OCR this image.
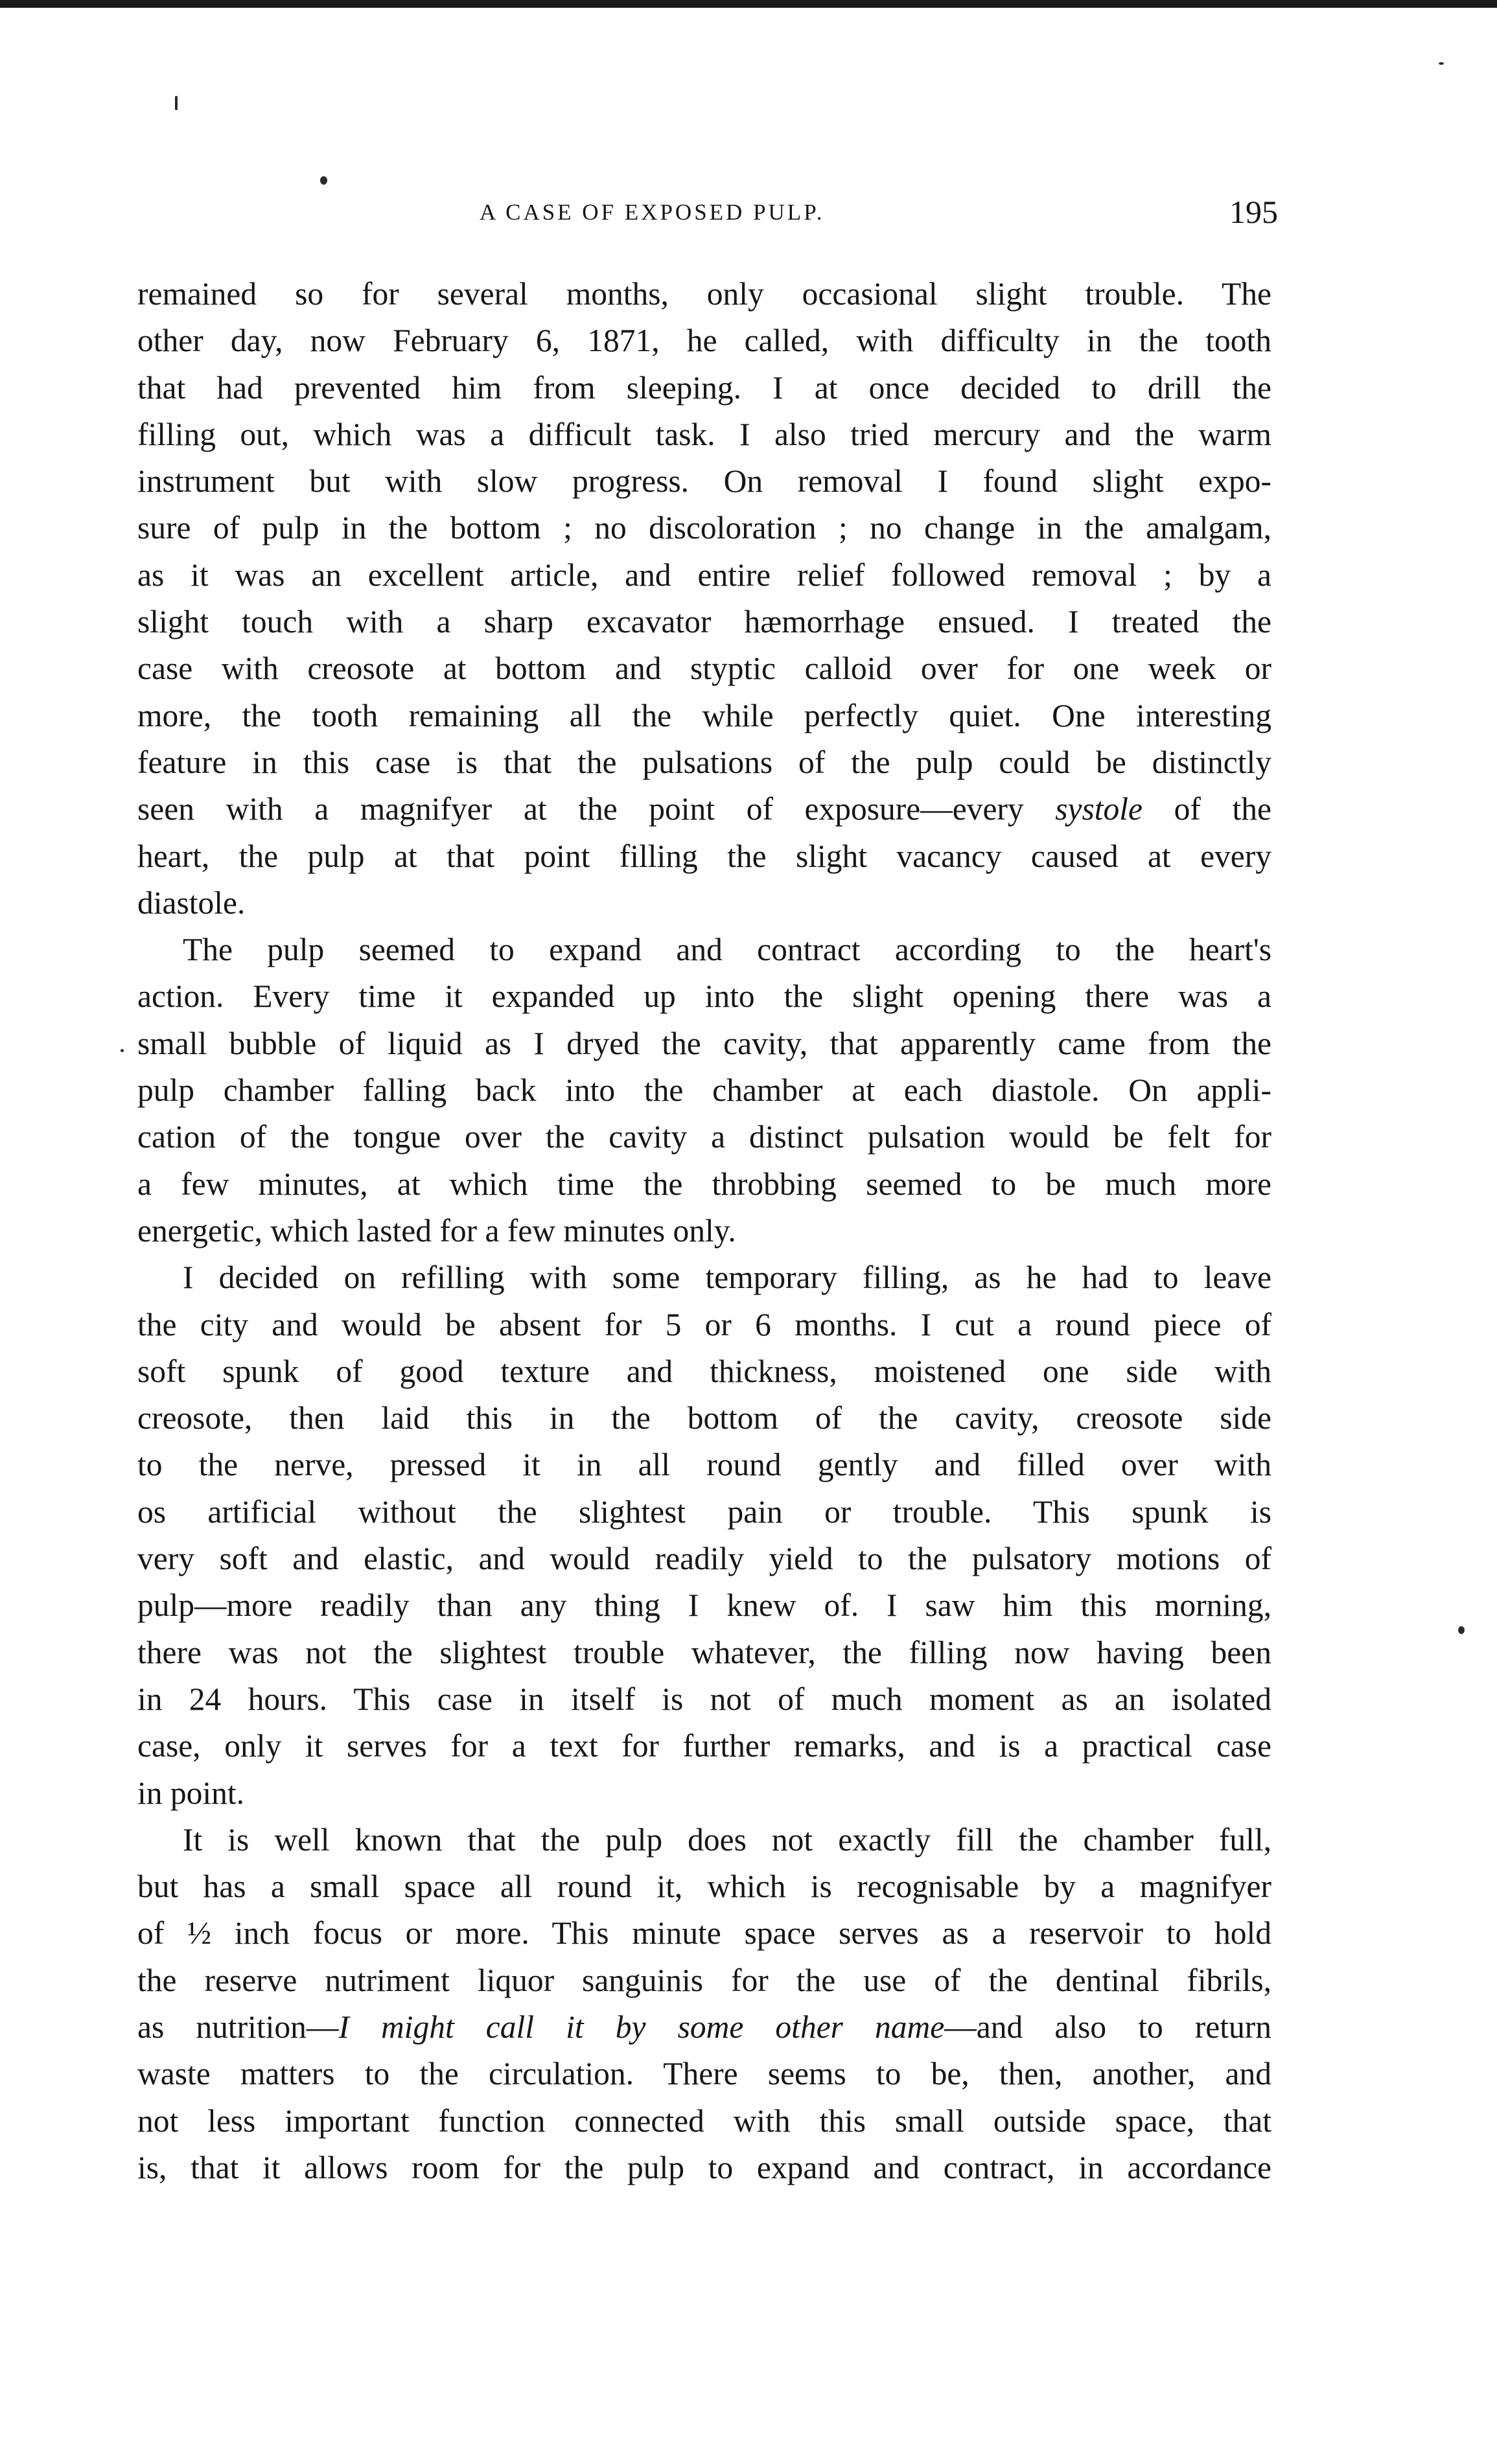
A CASE OF EXPOSED PULP.	195
remained so for several months, only occasional slight trouble. The
other day, now February 6, 1871, he called, with difficulty in the tooth
that had prevented him from sleeping. I at once decided to drill the
filling out, which was a difficult task. I also tried mercury and the warm
instrument but with slow progress. On removal I found slight expo-
sure of pulp in the bottom ; no discoloration ; no change in the amalgam,
as it was an excellent article, and entire relief followed removal ; by a
slight touch with a sharp excavator hæmorrhage ensued. I treated the
case with creosote at bottom and styptic calloid over for one week or
more, the tooth remaining all the while perfectly quiet. One interesting
feature in this case is that the pulsations of the pulp could be distinctly
seen with a magnifyer at the point of exposure—every systole of the
heart, the pulp at that point filling the slight vacancy caused at every
diastole.
The pulp seemed to expand and contract according to the heart's
action. Every time it expanded up into the slight opening there was a
small bubble of liquid as I dryed the cavity, that apparently came from the
pulp chamber falling back into the chamber at each diastole. On appli-
cation of the tongue over the cavity a distinct pulsation would be felt for
a few minutes, at which time the throbbing seemed to be much more
energetic, which lasted for a few minutes only.
I decided on refilling with some temporary filling, as he had to leave
the city and would be absent for 5 or 6 months. I cut a round piece of
soft spunk of good texture and thickness, moistened one side with
creosote, then laid this in the bottom of the cavity, creosote side
to the nerve, pressed it in all round gently and filled over with
os artificial without the slightest pain or trouble. This spunk is
very soft and elastic, and would readily yield to the pulsatory motions of
pulp—more readily than any thing I knew of. I saw him this morning,
there was not the slightest trouble whatever, the filling now having been
in 24 hours. This case in itself is not of much moment as an isolated
case, only it serves for a text for further remarks, and is a practical case
in point.
It is well known that the pulp does not exactly fill the chamber full,
but has a small space all round it, which is recognisable by a magnifyer
of ½ inch focus or more. This minute space serves as a reservoir to hold
the reserve nutriment liquor sanguinis for the use of the dentinal fibrils,
as nutrition—I might call it by some other name—and also to return
waste matters to the circulation. There seems to be, then, another, and
not less important function connected with this small outside space, that
is, that it allows room for the pulp to expand and contract, in accordance
